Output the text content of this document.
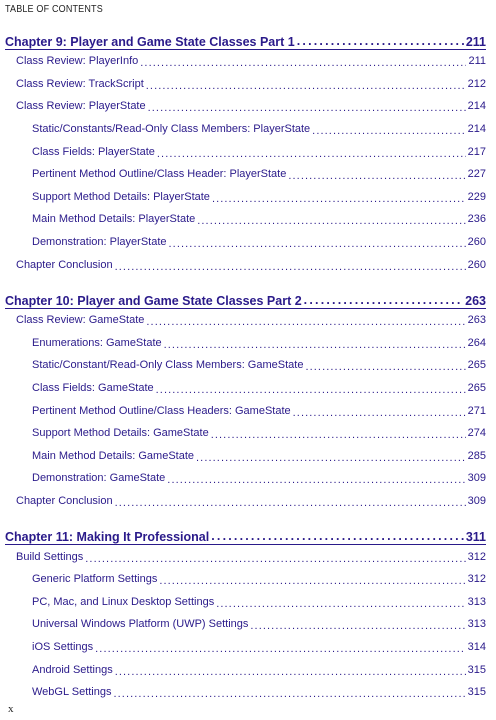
TABLE OF CONTENTS
Chapter 9: Player and Game State Classes Part 1 .....	211
Class Review: PlayerInfo .....	211
Class Review: TrackScript .....	212
Class Review: PlayerState .....	214
Static/Constants/Read-Only Class Members: PlayerState .....	214
Class Fields: PlayerState .....	217
Pertinent Method Outline/Class Header: PlayerState .....	227
Support Method Details: PlayerState .....	229
Main Method Details: PlayerState .....	236
Demonstration: PlayerState .....	260
Chapter Conclusion .....	260
Chapter 10: Player and Game State Classes Part 2 .....	263
Class Review: GameState .....	263
Enumerations: GameState .....	264
Static/Constant/Read-Only Class Members: GameState .....	265
Class Fields: GameState .....	265
Pertinent Method Outline/Class Headers: GameState .....	271
Support Method Details: GameState .....	274
Main Method Details: GameState .....	285
Demonstration: GameState .....	309
Chapter Conclusion .....	309
Chapter 11: Making It Professional .....	311
Build Settings .....	312
Generic Platform Settings .....	312
PC, Mac, and Linux Desktop Settings .....	313
Universal Windows Platform (UWP) Settings .....	313
iOS Settings .....	314
Android Settings .....	315
WebGL Settings .....	315
x
